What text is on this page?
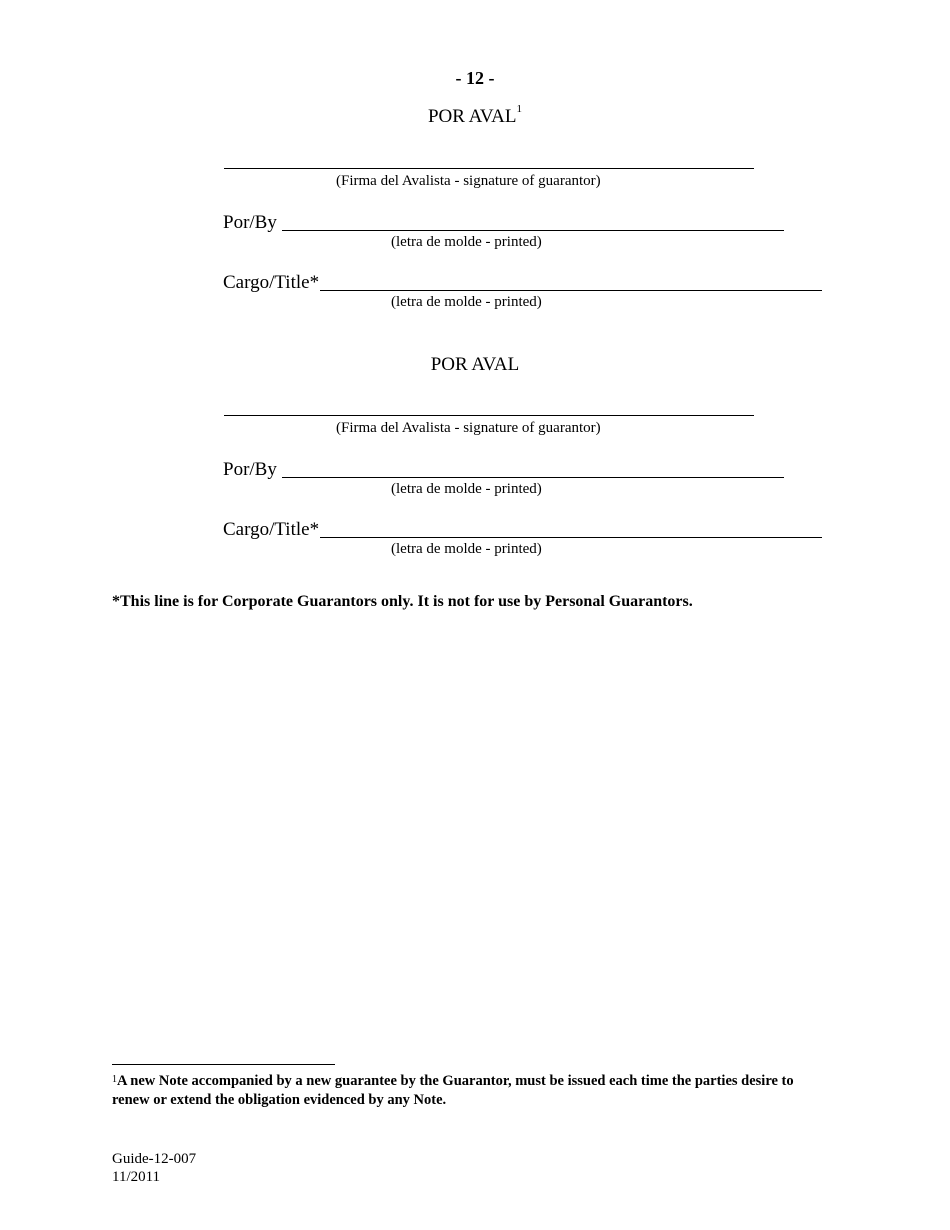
- 12 -
POR AVAL$^1$
(Firma del Avalista - signature of guarantor)
Por/By
(letra de molde - printed)
Cargo/Title*
(letra de molde - printed)
POR AVAL
(Firma del Avalista - signature of guarantor)
Por/By
(letra de molde - printed)
Cargo/Title*
(letra de molde - printed)
*This line is for Corporate Guarantors only. It is not for use by Personal Guarantors.
$^1$A new Note accompanied by a new guarantee by the Guarantor, must be issued each time the parties desire to renew or extend the obligation evidenced by any Note.
Guide-12-007
11/2011
